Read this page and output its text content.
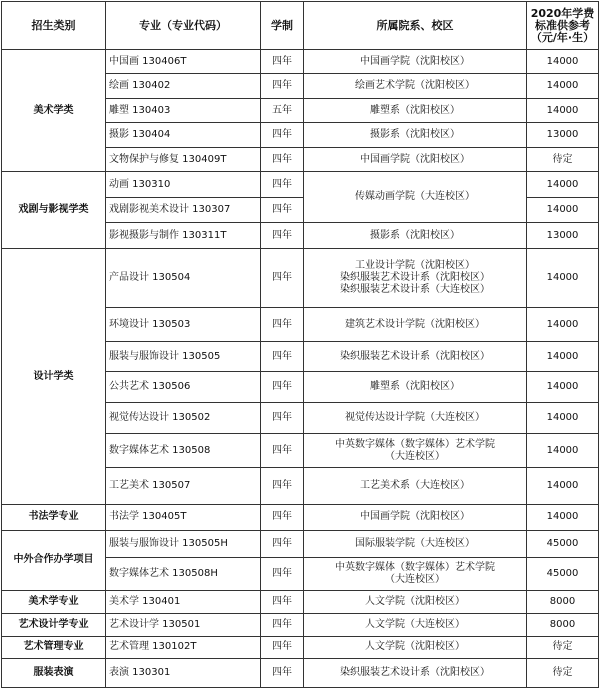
招生类别	专业（专业代码）	学制	所属院系、校区	2020年学费
标准供参考
（元/年·生）

美术学类	中国画 130406T	四年	中国画学院（沈阳校区）	14000
	绘画 130402	四年	绘画艺术学院（沈阳校区）	14000
	雕塑 130403	五年	雕塑系（沈阳校区）	14000
	摄影 130404	四年	摄影系（沈阳校区）	13000
	文物保护与修复 130409T	四年	中国画学院（沈阳校区）	待定
戏剧与影视学类	动画 130310	四年	传媒动画学院（大连校区）	14000
	戏剧影视美术设计 130307	四年		14000
	影视摄影与制作 130311T	四年	摄影系（沈阳校区）	13000
设计学类	产品设计 130504	四年	工业设计学院（沈阳校区）
染织服装艺术设计系（沈阳校区）
染织服装艺术设计系（大连校区）	14000
	环境设计 130503	四年	建筑艺术设计学院（沈阳校区）	14000
	服装与服饰设计 130505	四年	染织服装艺术设计系（沈阳校区）	14000
	公共艺术 130506	四年	雕塑系（沈阳校区）	14000
	视觉传达设计 130502	四年	视觉传达设计学院（大连校区）	14000
	数字媒体艺术 130508	四年	中英数字媒体（数字媒体）艺术学院
（大连校区）	14000
	工艺美术 130507	四年	工艺美术系（大连校区）	14000
书法学专业	书法学 130405T	四年	中国画学院（沈阳校区）	14000
中外合作办学项目	服装与服饰设计 130505H	四年	国际服装学院（大连校区）	45000
	数字媒体艺术 130508H	四年	中英数字媒体（数字媒体）艺术学院
（大连校区）	45000
美术学专业	美术学 130401	四年	人文学院（沈阳校区）	8000
艺术设计学专业	艺术设计学 130501	四年	人文学院（大连校区）	8000
艺术管理专业	艺术管理 130102T	四年	人文学院（沈阳校区）	待定
服装表演	表演 130301	四年	染织服装艺术设计系（沈阳校区）	待定
